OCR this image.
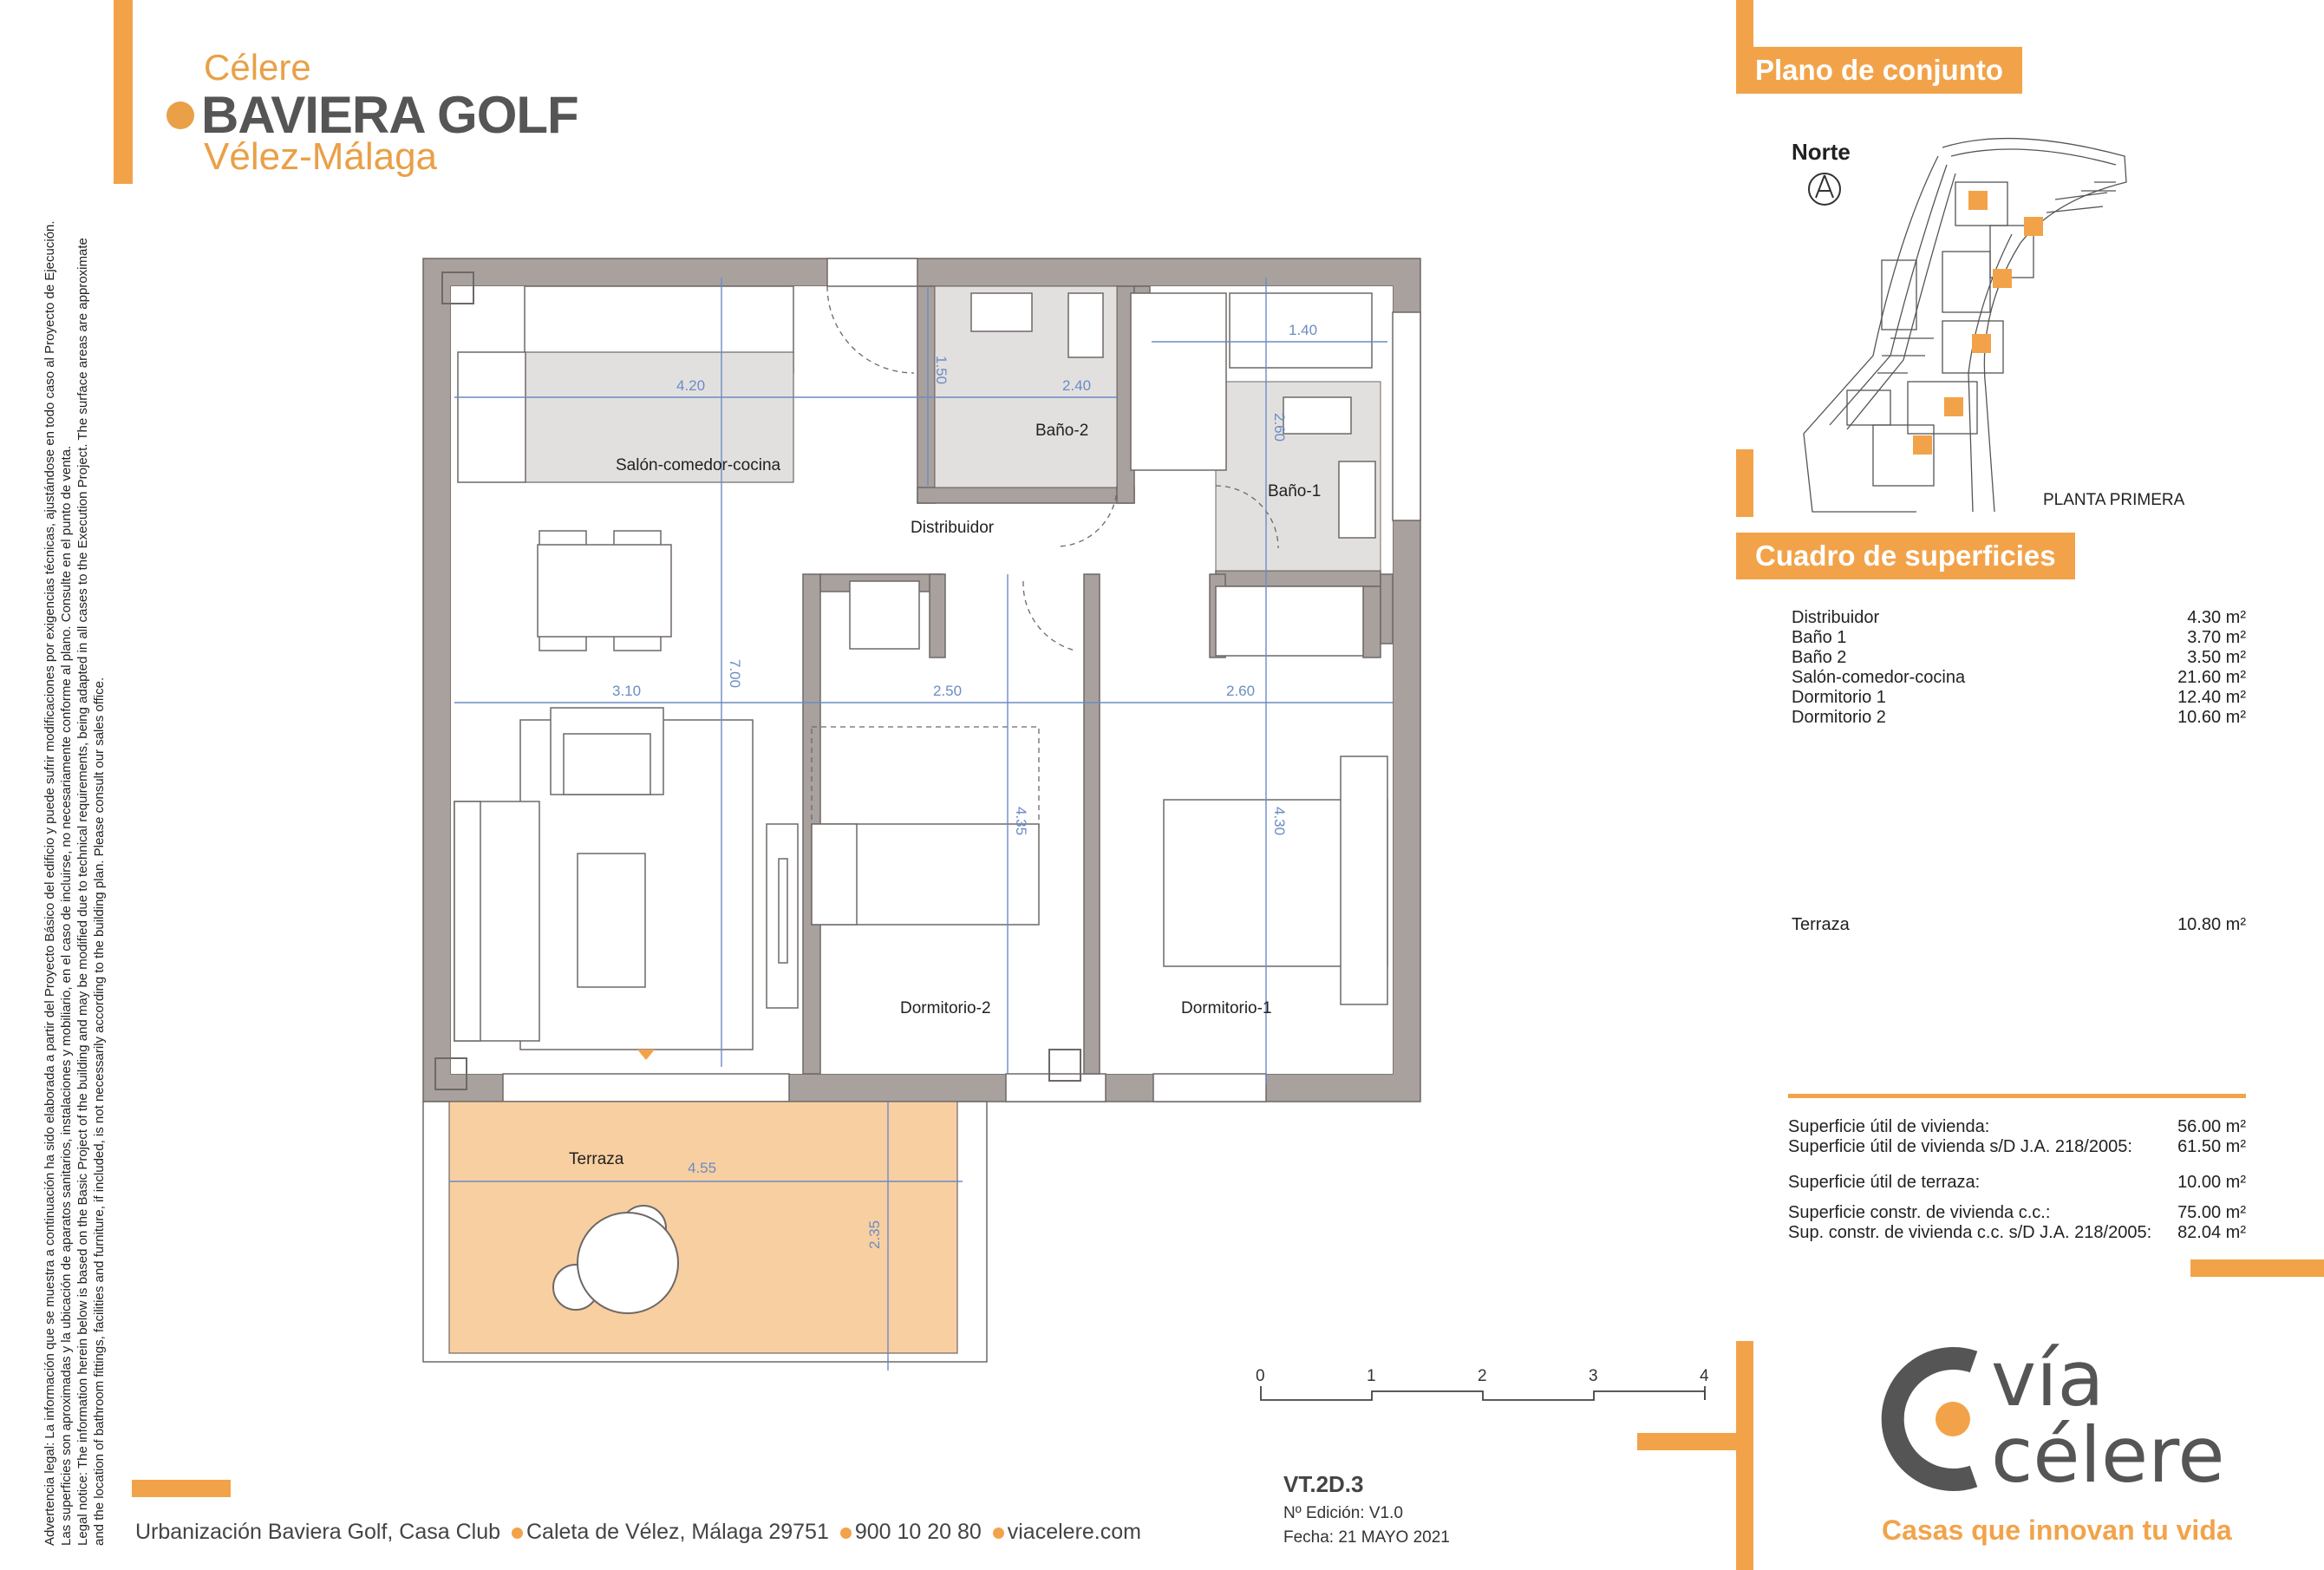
Advertencia legal: La información que se muestra a continuación ha sido elaborada a partir del Proyecto Básico del edificio y puede sufrir modificaciones por exigencias técnicas, ajustándose en todo caso al Proyecto de Ejecución. Las superficies son aproximadas y la ubicación de aparatos sanitarios, instalaciones y mobiliario, en el caso de incluirse, no necesariamente conforme al plano. Consulte en el punto de venta. Legal notice: The information herein below is based on the Basic Project of the building and may be modified due to technical requirements, being adapted in all cases to the Execution Project. The surface areas are approximate and the location of bathroom fittings, facilities and furniture, if included, is not necessarily according to the building plan. Please consult our sales office.

Célere
BAVIERA GOLF
Vélez-Málaga
Plano de conjunto
Cuadro de superficies
Norte
PLANTA PRIMERA
Distribuidor	4.30 m²
Baño 1	3.70 m²
Baño 2	3.50 m²
Salón-comedor-cocina	21.60 m²
Dormitorio 1	12.40 m²
Dormitorio 2	10.60 m²
Terraza	10.80 m²
Superficie útil de vivienda:	56.00 m²
Superficie útil de vivienda s/D J.A. 218/2005:	61.50 m²
Superficie útil de terraza:	10.00 m²
Superficie constr. de vivienda c.c.:	75.00 m²
Sup. constr. de vivienda c.c. s/D J.A. 218/2005: 82.04 m²
4.20	2.40
1.50
1.40
2.60
7.00
3.10	2.50	2.60
4.35	4.30
4.55
2.35
Salón-comedor-cocina
Distribuidor
Baño-1
Baño-2
Dormitorio-1
Dormitorio-2
Terraza
0	1	2	3	4
VT.2D.3
Nº Edición: V1.0
Fecha: 21 MAYO 2021
Urbanización Baviera Golf, Casa Club Caleta de Vélez, Málaga 29751 900 10 20 80 viacelere.com
vía
célere
Casas que innovan tu vida
